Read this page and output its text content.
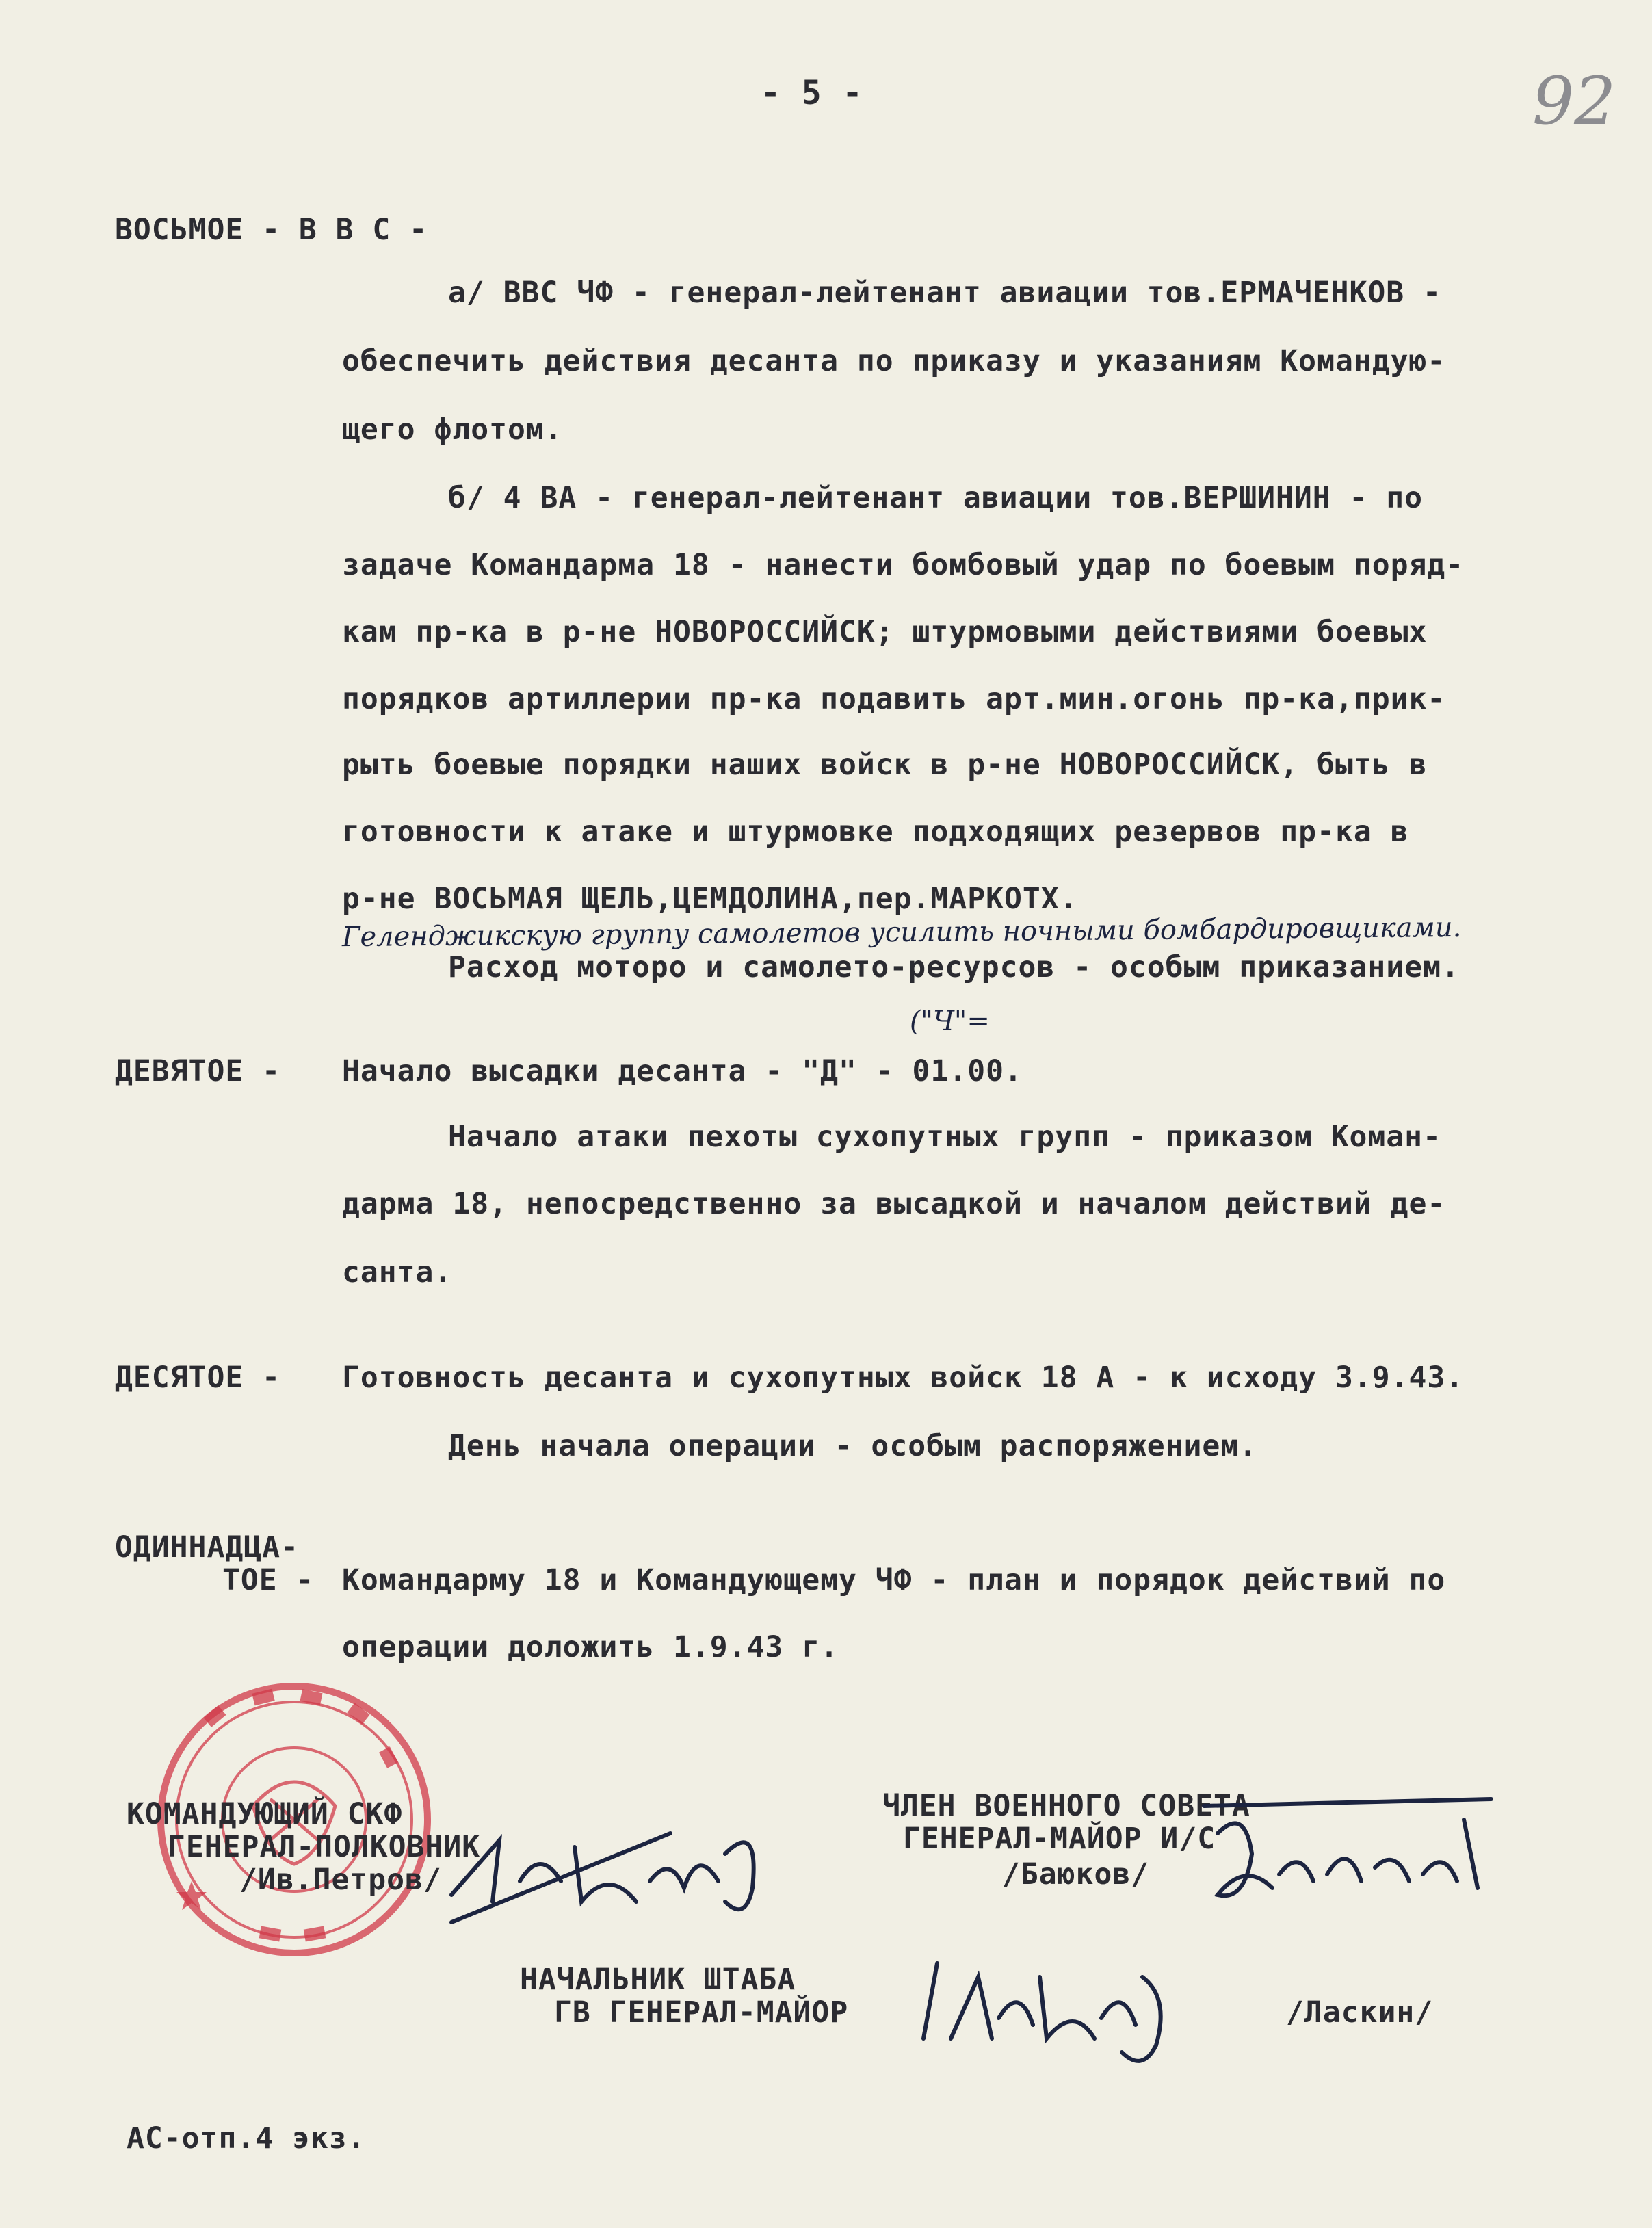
- 5 -	92
ВОСЬМОЕ - В В С -
а/ ВВС ЧФ - генерал-лейтенант авиации тов.ЕРМАЧЕНКОВ -
обеспечить действия десанта по приказу и указаниям Командую-
щего флотом.
б/ 4 ВА - генерал-лейтенант авиации тов.ВЕРШИНИН - по
задаче Командарма 18 - нанести бомбовый удар по боевым поряд-
кам пр-ка в р-не НОВОРОССИЙСК; штурмовыми действиями боевых
порядков артиллерии пр-ка подавить арт.мин.огонь пр-ка,прик-
рыть боевые порядки наших войск в р-не НОВОРОССИЙСК, быть в
готовности к атаке и штурмовке подходящих резервов пр-ка в
р-не ВОСЬМАЯ ЩЕЛЬ,ЦЕМДОЛИНА,пер.МАРКОТХ.
Геленджикскую группу самолетов усилить ночными бомбардировщиками.
Расход моторо и самолето-ресурсов - особым приказанием.
ДЕВЯТОЕ - Начало высадки десанта - "Д" - 01.00.
("Ч"=
Начало атаки пехоты сухопутных групп - приказом Коман-
дарма 18, непосредственно за высадкой и началом действий де-
санта.
ДЕСЯТОЕ - Готовность десанта и сухопутных войск 18 А - к исходу 3.9.43.
День начала операции - особым распоряжением.
ОДИННАДЦА-
ТОЕ - Командарму 18 и Командующему ЧФ - план и порядок действий по
операции доложить 1.9.43 г.
КОМАНДУЮЩИЙ СКФ
ГЕНЕРАЛ-ПОЛКОВНИК
/Ив.Петров/
ЧЛЕН ВОЕННОГО СОВЕТА
ГЕНЕРАЛ-МАЙОР И/С
/Баюков/
НАЧАЛЬНИК ШТАБА
ГВ ГЕНЕРАЛ-МАЙОР	/Ласкин/
АС-отп.4 экз.
